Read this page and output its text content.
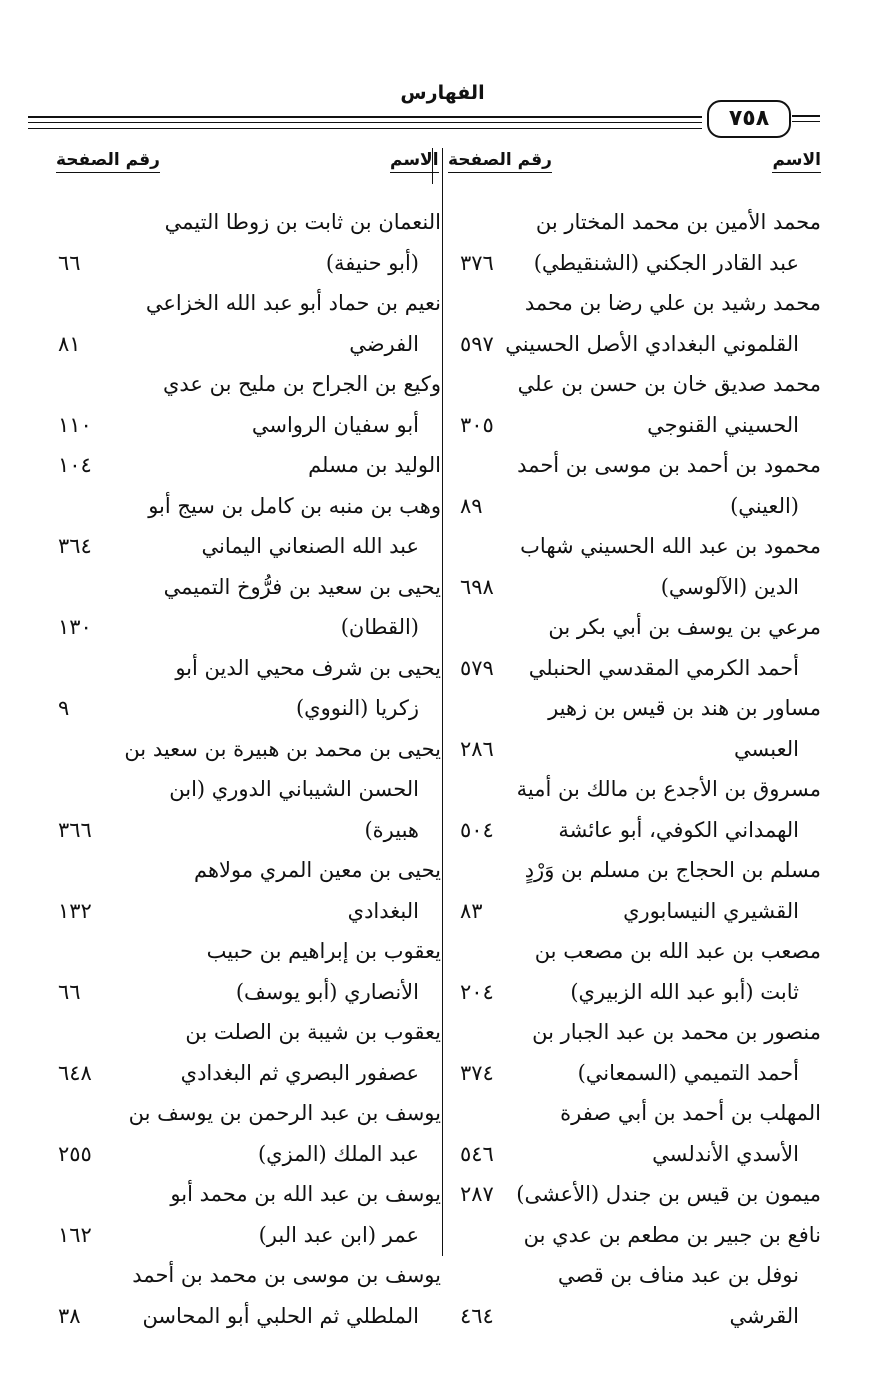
الفهارس
٧٥٨
الاسم
رقم الصفحة
الاسم
رقم الصفحة
محمد الأمين بن محمد المختار بن
عبد القادر الجكني (الشنقيطي)
٣٧٦
محمد رشيد بن علي رضا بن محمد
القلموني البغدادي الأصل الحسيني
٥٩٧
محمد صديق خان بن حسن بن علي
الحسيني القنوجي
٣٠٥
محمود بن أحمد بن موسى بن أحمد
(العيني)
٨٩
محمود بن عبد الله الحسيني شهاب
الدين (الآلوسي)
٦٩٨
مرعي بن يوسف بن أبي بكر بن
أحمد الكرمي المقدسي الحنبلي
٥٧٩
مساور بن هند بن قيس بن زهير
العبسي
٢٨٦
مسروق بن الأجدع بن مالك بن أمية
الهمداني الكوفي، أبو عائشة
٥٠٤
مسلم بن الحجاج بن مسلم بن وَرْدٍ
القشيري النيسابوري
٨٣
مصعب بن عبد الله بن مصعب بن
ثابت (أبو عبد الله الزبيري)
٢٠٤
منصور بن محمد بن عبد الجبار بن
أحمد التميمي (السمعاني)
٣٧٤
المهلب بن أحمد بن أبي صفرة
الأسدي الأندلسي
٥٤٦
ميمون بن قيس بن جندل (الأعشى)
٢٨٧
نافع بن جبير بن مطعم بن عدي بن
نوفل بن عبد مناف بن قصي
القرشي
٤٦٤
النعمان بن ثابت بن زوطا التيمي
(أبو حنيفة)
٦٦
نعيم بن حماد أبو عبد الله الخزاعي
الفرضي
٨١
وكيع بن الجراح بن مليح بن عدي
أبو سفيان الرواسي
١١٠
الوليد بن مسلم
١٠٤
وهب بن منبه بن كامل بن سيج أبو
عبد الله الصنعاني اليماني
٣٦٤
يحيى بن سعيد بن فرُّوخ التميمي
(القطان)
١٣٠
يحيى بن شرف محيي الدين أبو
زكريا (النووي)
٩
يحيى بن محمد بن هبيرة بن سعيد بن
الحسن الشيباني الدوري (ابن
هبيرة)
٣٦٦
يحيى بن معين المري مولاهم
البغدادي
١٣٢
يعقوب بن إبراهيم بن حبيب
الأنصاري (أبو يوسف)
٦٦
يعقوب بن شيبة بن الصلت بن
عصفور البصري ثم البغدادي
٦٤٨
يوسف بن عبد الرحمن بن يوسف بن
عبد الملك (المزي)
٢٥٥
يوسف بن عبد الله بن محمد أبو
عمر (ابن عبد البر)
١٦٢
يوسف بن موسى بن محمد بن أحمد
الملطلي ثم الحلبي أبو المحاسن
٣٨
